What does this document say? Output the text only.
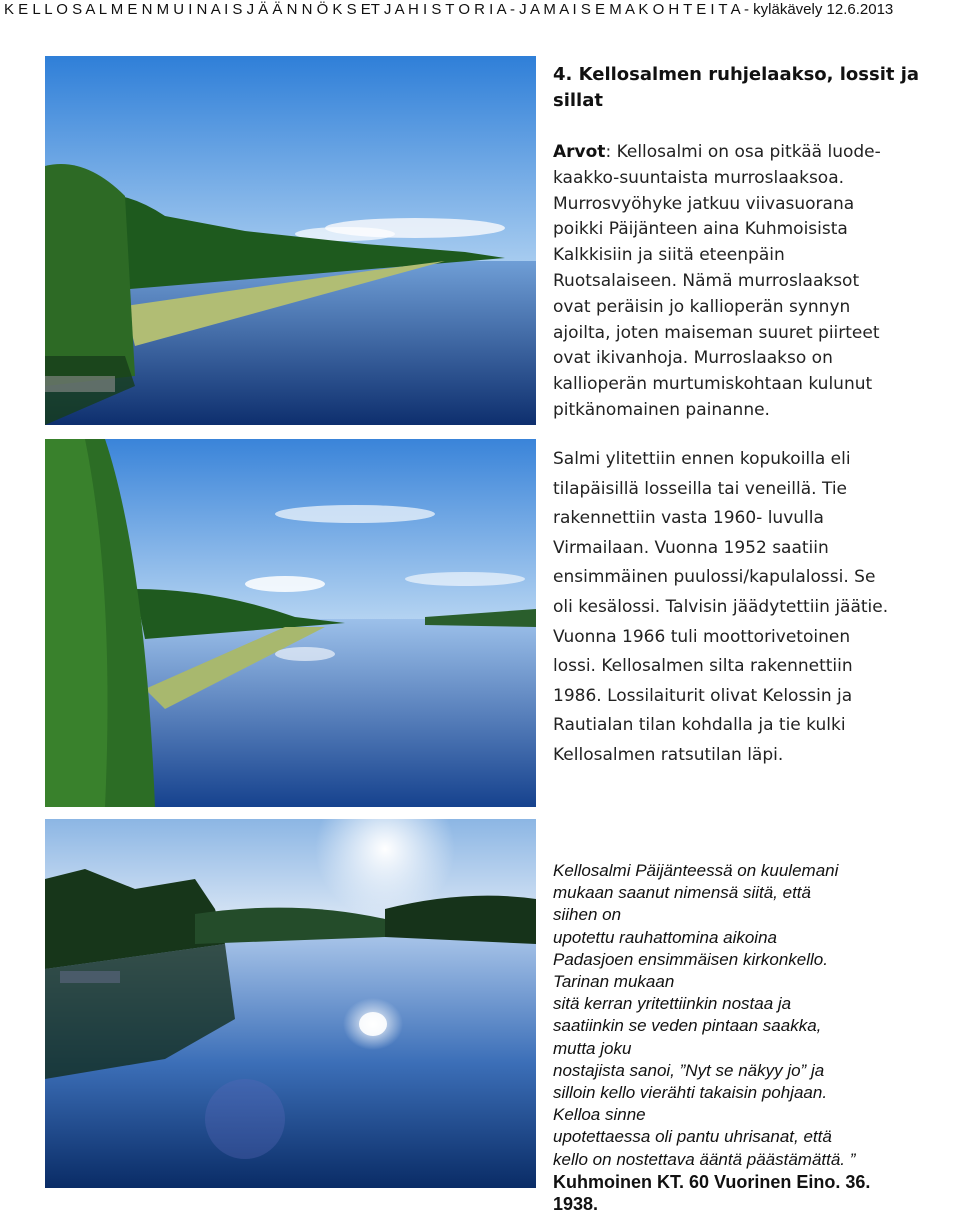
K E L L O S A L M E N M U I N A I S J Ä Ä N N Ö K S ET J A H I S T O R I A - J A M A I S E M A K O H T E I T A - kyläkävely 12.6.2013
4. Kellosalmen ruhjelaakso, lossit ja
sillat
Arvot: Kellosalmi on osa pitkää luode-
kaakko-suuntaista murroslaaksoa.
Murrosvyöhyke jatkuu viivasuorana
poikki Päijänteen aina Kuhmoisista
Kalkkisiin ja siitä eteenpäin
Ruotsalaiseen. Nämä murroslaaksot
ovat peräisin jo kallioperän synnyn
ajoilta, joten maiseman suuret piirteet
ovat ikivanhoja. Murroslaakso on
kallioperän murtumiskohtaan kulunut
pitkänomainen painanne.
Salmi ylitettiin ennen kopukoilla eli
tilapäisillä losseilla tai veneillä. Tie
rakennettiin vasta 1960- luvulla
Virmailaan. Vuonna 1952 saatiin
ensimmäinen puulossi/kapulalossi. Se
oli kesälossi. Talvisin jäädytettiin jäätie.
Vuonna 1966 tuli moottorivetoinen
lossi. Kellosalmen silta rakennettiin
1986. Lossilaiturit olivat Kelossin ja
Rautialan tilan kohdalla ja tie kulki
Kellosalmen ratsutilan läpi.
Kellosalmi Päijänteessä on kuulemani
mukaan saanut nimensä siitä, että
siihen on
upotettu rauhattomina aikoina
Padasjoen ensimmäisen kirkonkello.
Tarinan mukaan
sitä kerran yritettiinkin nostaa ja
saatiinkin se veden pintaan saakka,
mutta joku
nostajista sanoi, ”Nyt se näkyy jo” ja
silloin kello vierähti takaisin pohjaan.
Kelloa sinne
upotettaessa oli pantu uhrisanat, että
kello on nostettava ääntä päästämättä. ”
Kuhmoinen KT. 60 Vuorinen Eino. 36.
1938.
